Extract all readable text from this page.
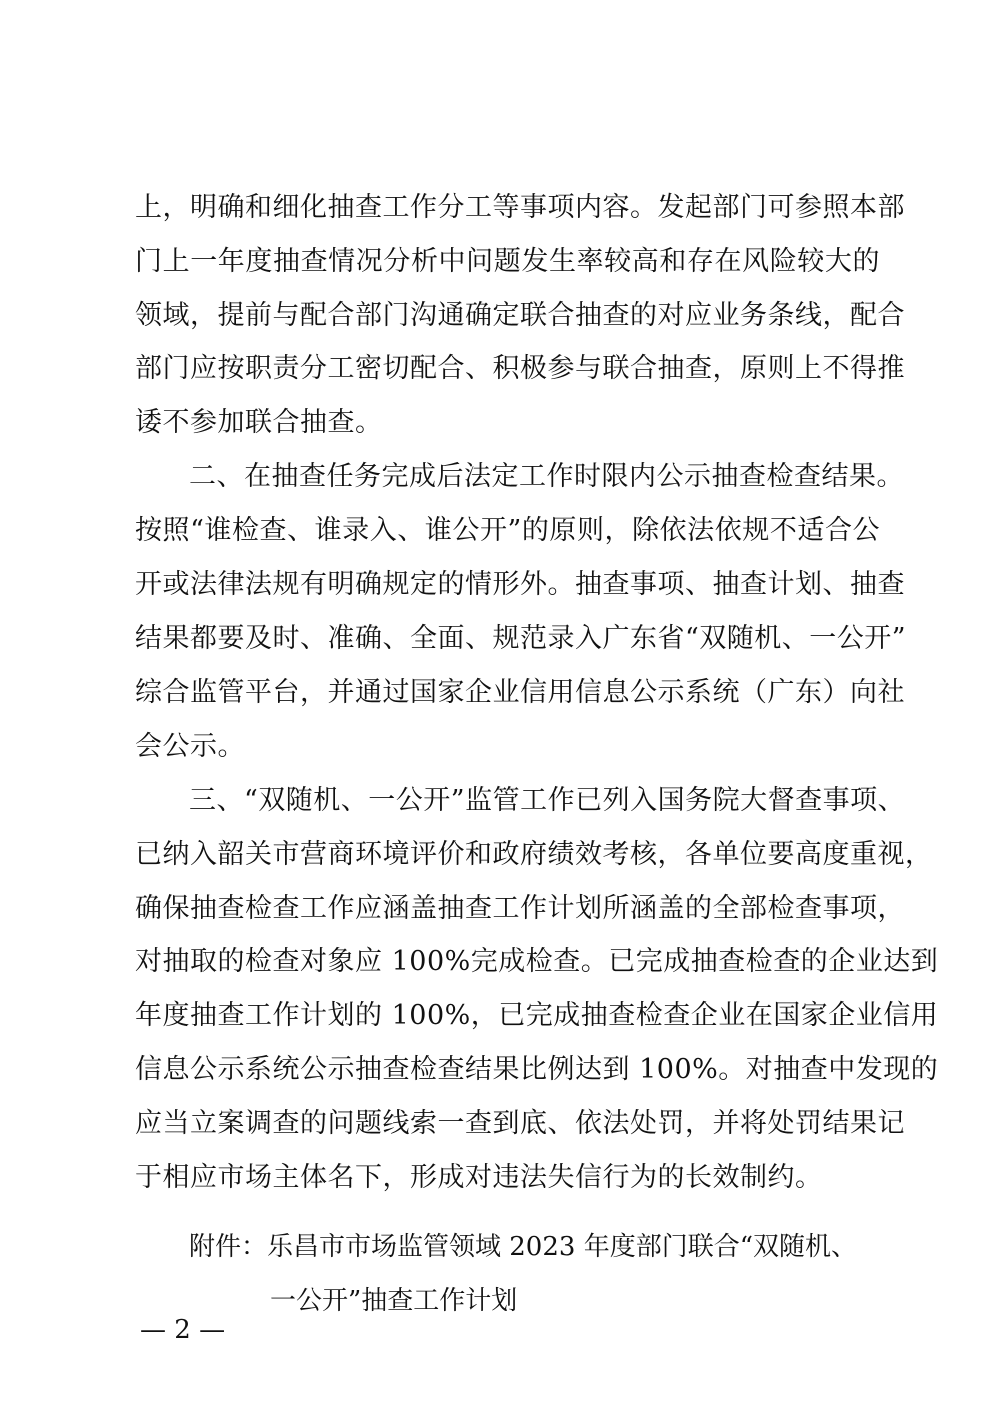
上，明确和细化抽查工作分工等事项内容。发起部门可参照本部

门上一年度抽查情况分析中问题发生率较高和存在风险较大的

领域，提前与配合部门沟通确定联合抽查的对应业务条线，配合

部门应按职责分工密切配合、积极参与联合抽查，原则上不得推

诿不参加联合抽查。

二、在抽查任务完成后法定工作时限内公示抽查检查结果。

按照“谁检查、谁录入、谁公开”的原则，除依法依规不适合公

开或法律法规有明确规定的情形外。抽查事项、抽查计划、抽查

结果都要及时、准确、全面、规范录入广东省“双随机、一公开”

综合监管平台，并通过国家企业信用信息公示系统（广东）向社

会公示。

三、“双随机、一公开”监管工作已列入国务院大督查事项、

已纳入韶关市营商环境评价和政府绩效考核，各单位要高度重视，

确保抽查检查工作应涵盖抽查工作计划所涵盖的全部检查事项，

对抽取的检查对象应 100%完成检查。已完成抽查检查的企业达到

年度抽查工作计划的 100%，已完成抽查检查企业在国家企业信用

信息公示系统公示抽查检查结果比例达到 100%。对抽查中发现的

应当立案调查的问题线索一查到底、依法处罚，并将处罚结果记

于相应市场主体名下，形成对违法失信行为的长效制约。

附件：乐昌市市场监管领域 2023 年度部门联合“双随机、

一公开”抽查工作计划

— 2 —
